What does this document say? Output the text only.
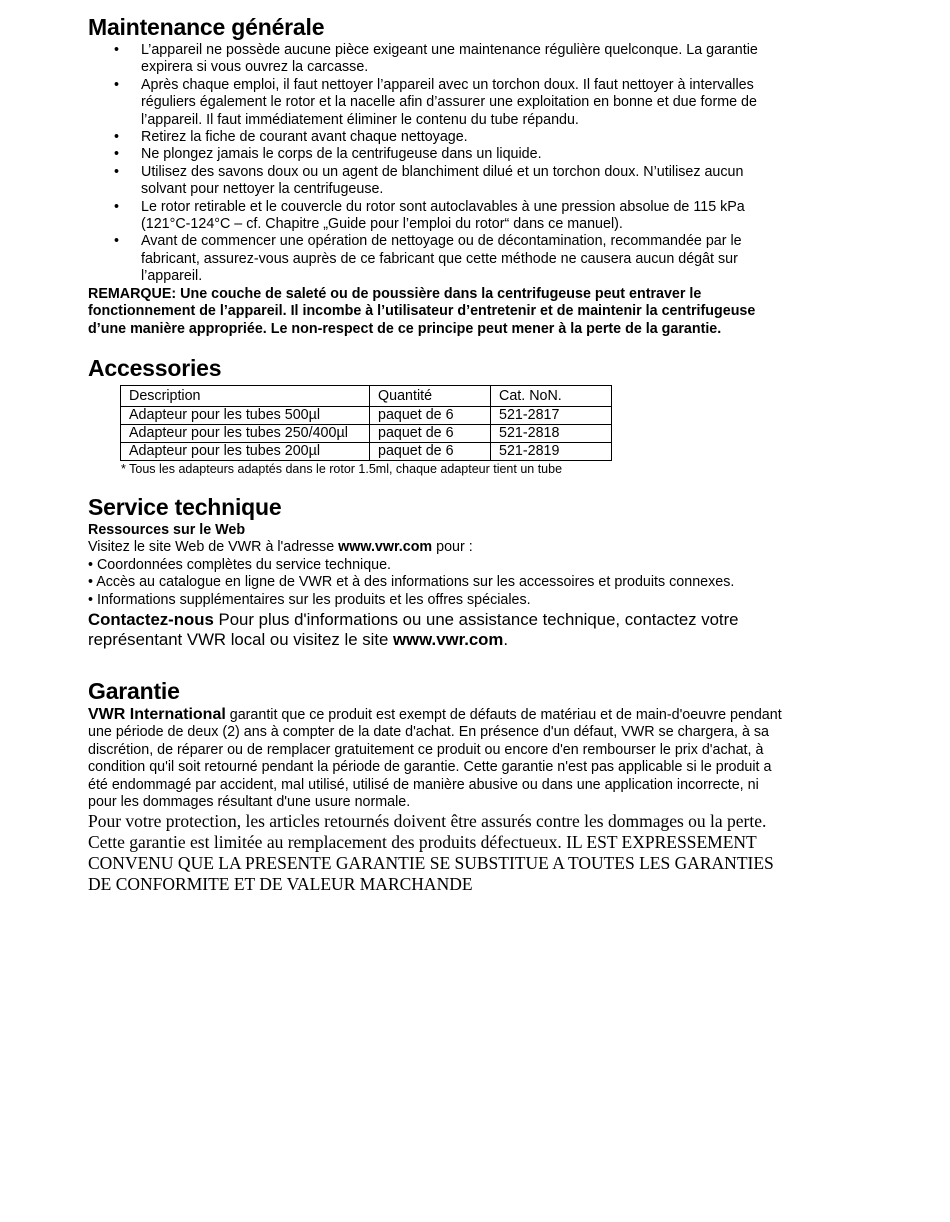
Maintenance générale
• L’appareil ne possède aucune pièce exigeant une maintenance régulière quelconque. La garantie expirera si vous ouvrez la carcasse.
• Après chaque emploi, il faut nettoyer l’appareil avec un torchon doux. Il faut nettoyer à intervalles réguliers également le rotor et la nacelle afin d’assurer une exploitation en bonne et due forme de l’appareil. Il faut immédiatement éliminer le contenu du tube répandu.
• Retirez la fiche de courant avant chaque nettoyage.
• Ne plongez jamais le corps de la centrifugeuse dans un liquide.
• Utilisez des savons doux ou un agent de blanchiment dilué et un torchon doux. N’utilisez aucun solvant pour nettoyer la centrifugeuse.
• Le rotor retirable et le couvercle du rotor sont autoclavables à une pression absolue de 115 kPa (121°C-124°C – cf. Chapitre „Guide pour l’emploi du rotor“ dans ce manuel).
• Avant de commencer une opération de nettoyage ou de décontamination, recommandée par le fabricant, assurez-vous auprès de ce fabricant que cette méthode ne causera aucun dégât sur l’appareil.

REMARQUE: Une couche de saleté ou de poussière dans la centrifugeuse peut entraver le fonctionnement de l’appareil. Il incombe à l’utilisateur d’entretenir et de maintenir la centrifugeuse d’une manière appropriée. Le non-respect de ce principe peut mener à la perte de la garantie.

Accessories
Description	Quantité	Cat. NoN.
Adapteur pour les tubes 500µl	paquet de 6	521-2817
Adapteur pour les tubes 250/400µl	paquet de 6	521-2818
Adapteur pour les tubes 200µl	paquet de 6	521-2819
* Tous les adapteurs adaptés dans le rotor 1.5ml, chaque adapteur tient un tube
Service technique
Ressources sur le Web
Visitez le site Web de VWR à l'adresse www.vwr.com pour :
• Coordonnées complètes du service technique.
• Accès au catalogue en ligne de VWR et à des informations sur les accessoires et produits connexes.
• Informations supplémentaires sur les produits et les offres spéciales.
Contactez-nous Pour plus d'informations ou une assistance technique, contactez votre représentant VWR local ou visitez le site www.vwr.com.
Garantie
VWR International garantit que ce produit est exempt de défauts de matériau et de main-d'oeuvre pendant une période de deux (2) ans à compter de la date d'achat. En présence d'un défaut, VWR se chargera, à sa discrétion, de réparer ou de remplacer gratuitement ce produit ou encore d'en rembourser le prix d'achat, à condition qu'il soit retourné pendant la période de garantie. Cette garantie n'est pas applicable si le produit a été endommagé par accident, mal utilisé, utilisé de manière abusive ou dans une application incorrecte, ni pour les dommages résultant d'une usure normale.
Pour votre protection, les articles retournés doivent être assurés contre les dommages ou la perte. Cette garantie est limitée au remplacement des produits défectueux. IL EST EXPRESSEMENT CONVENU QUE LA PRESENTE GARANTIE SE SUBSTITUE A TOUTES LES GARANTIES DE CONFORMITE ET DE VALEUR MARCHANDE
